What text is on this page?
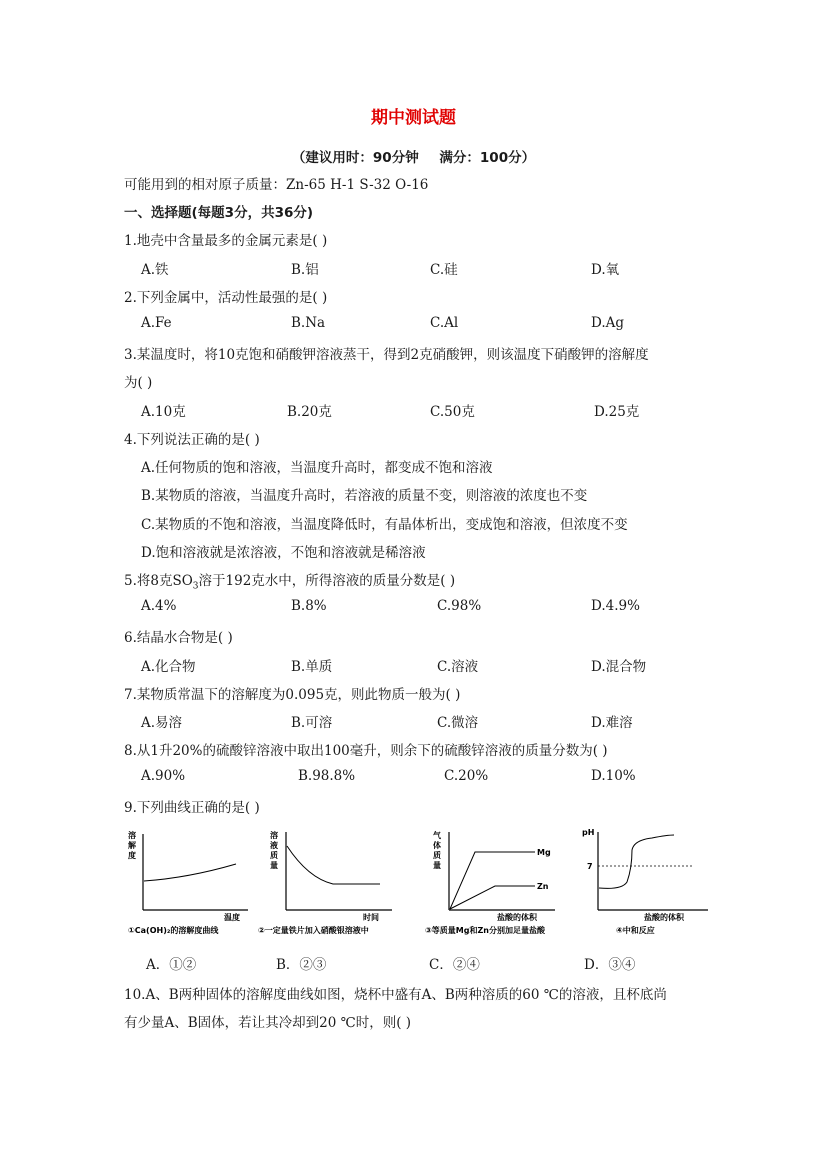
期中测试题
（建议用时：90分钟 满分：100分）
可能用到的相对原子质量：Zn-65 H-1 S-32 O-16
一、选择题(每题3分，共36分)
1.地壳中含量最多的金属元素是( )
A.铁	B.铝	C.硅	D.氧
2.下列金属中，活动性最强的是( )
A.Fe	B.Na	C.Al	D.Ag
3.某温度时，将10克饱和硝酸钾溶液蒸干，得到2克硝酸钾，则该温度下硝酸钾的溶解度
为( )
A.10克	B.20克	C.50克	D.25克
4.下列说法正确的是( )
A.任何物质的饱和溶液，当温度升高时，都变成不饱和溶液
B.某物质的溶液，当温度升高时，若溶液的质量不变，则溶液的浓度也不变
C.某物质的不饱和溶液，当温度降低时，有晶体析出，变成饱和溶液，但浓度不变
D.饱和溶液就是浓溶液，不饱和溶液就是稀溶液
5.将8克$SO_3$溶于192克水中，所得溶液的质量分数是( )
A.4%	B.8%	C.98%	D.4.9%
6.结晶水合物是( )
A.化合物	B.单质	C.溶液	D.混合物
7.某物质常温下的溶解度为0.095克，则此物质一般为( )
A.易溶	B.可溶	C.微溶	D.难溶
8.从1升20%的硫酸锌溶液中取出100毫升，则余下的硫酸锌溶液的质量分数为( )
A.90%	B.98.8%	C.20%	D.10%
9.下列曲线正确的是( )
溶解度
温度
①Ca(OH)₂的溶解度曲线
溶液质量
时间
②一定量铁片加入硝酸银溶液中
Mg
Zn
气体质量
盐酸的体积
③等质量Mg和Zn分别加足量盐酸
pH
7
盐酸的体积
④中和反应
A．①②	B．②③	C．②④	D．③④
10.A、B两种固体的溶解度曲线如图，烧杯中盛有A、B两种溶质的60 ℃的溶液，且杯底尚
有少量A、B固体，若让其冷却到20 ℃时，则( )
